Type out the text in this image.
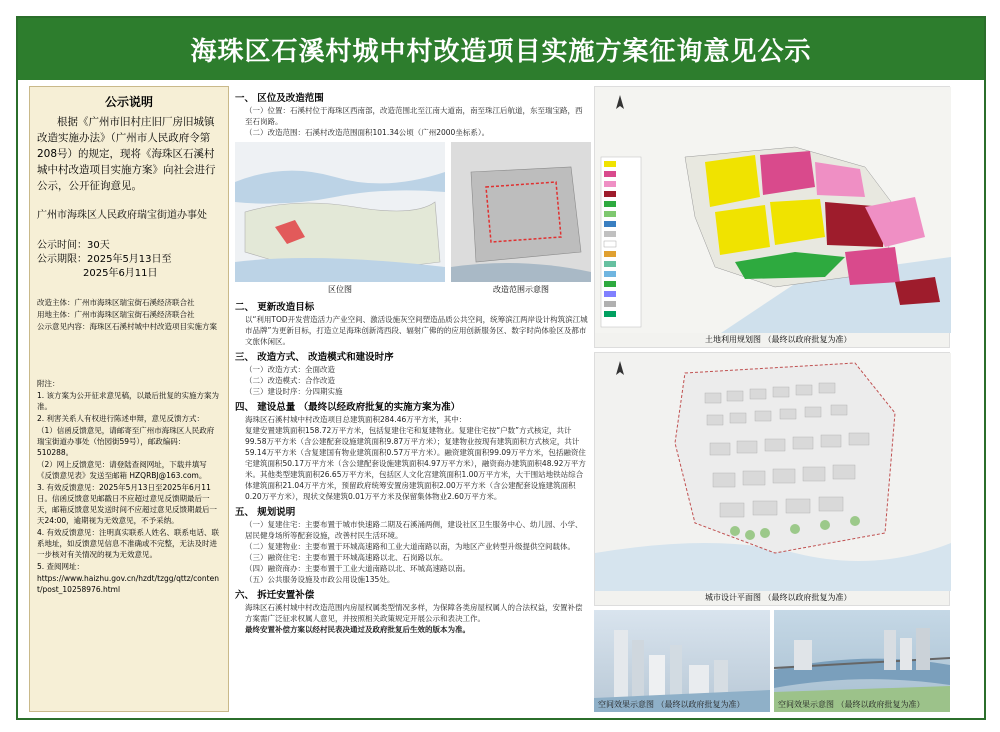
海珠区石溪村城中村改造项目实施方案征询意见公示
公示说明
根据《广州市旧村庄旧厂房旧城镇改造实施办法》（广州市人民政府令第208号）的规定，现将《海珠区石溪村城中村改造项目实施方案》向社会进行公示，公开征询意见。
广州市海珠区人民政府瑞宝街道办事处
公示时间：30天
公示期限：2025年5月13日至
2025年6月11日

改造主体：广州市海珠区瑞宝街石溪经济联合社

用地主体：广州市海珠区瑞宝街石溪经济联合社

公示意见内容：海珠区石溪村城中村改造项目实施方案

附注：

1. 该方案为公开征求意见稿，以最后批复的实施方案为准。

2. 利害关系人有权进行陈述申辩，意见反馈方式：

（1）信函反馈意见，请邮寄至广州市海珠区人民政府瑞宝街道办事处（怡园街59号），邮政编码：510288。

（2）网上反馈意见：请登陆查阅网址，下载并填写《反馈意见表》发送至邮箱 HZQRBJ@163.com。

3. 有效反馈意见：2025年5月13日至2025年6月11日。信函反馈意见邮戳日不应超过意见反馈期最后一天，邮箱反馈意见发送时间不应超过意见反馈期最后一天24:00，逾期视为无效意见，不予采纳。

4. 有效反馈意见：注明真实联系人姓名、联系电话、联系地址，如反馈意见信息不准确或不完整，无法及时进一步核对有关情况的视为无效意见。

5. 查阅网址：

https://www.haizhu.gov.cn/hzdt/tzgg/qttz/content/post_10258976.html

一、 区位及改造范围
（一）位置：石溪村位于海珠区西南部，改造范围北至江南大道南，南至珠江后航道，东至瑞宝路，西至石岗路。
（二）改造范围：石溪村改造范围面积101.34公顷（广州2000坐标系）。
区位图	改造范围示意图
二、 更新改造目标
以“利用TOD开发营造活力产业空间、激活设施灰空间塑造品质公共空间，统筹滨江两岸设计构筑滨江城市品牌”为更新目标，打造立足海珠创新湾西段、辐射广佛的的应用创新服务区、数字时尚体验区及都市文旅休闲区。
三、 改造方式、 改造模式和建设时序
（一）改造方式：全面改造
（二）改造模式：合作改造
（三）建设时序：分四期实施
四、 建设总量 （最终以经政府批复的实施方案为准）
海珠区石溪村城中村改造项目总建筑面积284.46万平方米，其中：
复建安置建筑面积158.72万平方米，包括复建住宅和复建物业。复建住宅按“户数”方式核定，共计99.58万平方米（含公建配套设施建筑面积9.87万平方米）；复建物业按现有建筑面积方式核定，共计59.14万平方米（含复建国有物业建筑面积0.57万平方米）。融资建筑面积99.09万平方米，包括融资住宅建筑面积50.17万平方米（含公建配套设施建筑面积4.97万平方米），融资商办建筑面积48.92万平方米。其他类型建筑面积26.65万平方米，包括区人文化宫建筑面积1.00万平方米，大干围站地铁站综合体建筑面积21.04万平方米，预留政府统筹安置房建筑面积2.00万平方米（含公建配套设施建筑面积0.20万平方米），现状文保建筑0.01万平方米及保留集体物业2.60万平方米。
五、 规划说明
（一）复建住宅：主要布置于城市快速路二期及石溪涌两侧，建设社区卫生服务中心、幼儿园、小学、居民健身场所等配套设施，改善村民生活环境。
（二）复建物业：主要布置于环城高速路和工业大道南路以南，为地区产业转型升级提供空间载体。
（三）融资住宅：主要布置于环城高速路以北、石岗路以东。
（四）融资商办：主要布置于工业大道南路以北、环城高速路以南。
（五）公共服务设施及市政公用设施135处。
六、 拆迁安置补偿
海珠区石溪村城中村改造范围内房屋权属类型情况多样，为保障各类房屋权属人的合法权益，安置补偿方案需广泛征求权属人意见，并按照相关政策规定开展公示和表决工作。
最终安置补偿方案以经村民表决通过及政府批复后生效的版本为准。
土地利用规划图 （最终以政府批复为准）
城市设计平面图 （最终以政府批复为准）
空间效果示意图 （最终以政府批复为准）	空间效果示意图 （最终以政府批复为准）
